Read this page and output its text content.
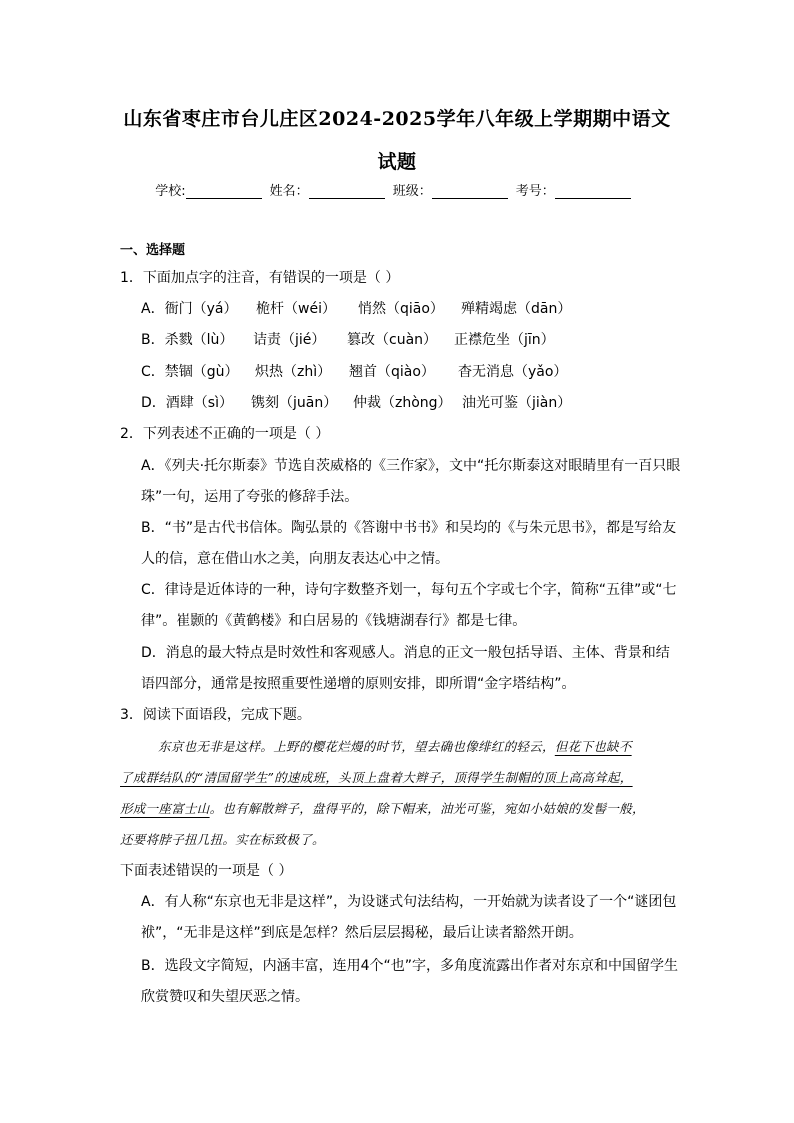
山东省枣庄市台儿庄区2024-2025学年八年级上学期期中语文
试题
学校:	姓名：	班级：	考号：
一、选择题
1．下面加点字的注音，有错误的一项是（ ）
A．衙门（yá） 桅杆（wéi） 悄然（qiāo） 殚精竭虑（dān）
B．杀戮（lù） 诘责（jié） 篡改（cuàn） 正襟危坐（jīn）
C．禁锢（gù） 炽热（zhì） 翘首（qiào） 杳无消息（yǎo）
D．酒肆（sì） 镌刻（juān） 仲裁（zhòng） 油光可鉴（jiàn）
2．下列表述不正确的一项是（ ）
A．《列夫·托尔斯泰》节选自茨威格的《三作家》，文中“托尔斯泰这对眼睛里有一百只眼
珠”一句，运用了夸张的修辞手法。
B．“书”是古代书信体。陶弘景的《答谢中书书》和吴均的《与朱元思书》，都是写给友
人的信，意在借山水之美，向朋友表达心中之情。
C．律诗是近体诗的一种，诗句字数整齐划一，每句五个字或七个字，简称“五律”或“七
律”。崔颢的《黄鹤楼》和白居易的《钱塘湖春行》都是七律。
D．消息的最大特点是时效性和客观感人。消息的正文一般包括导语、主体、背景和结
语四部分，通常是按照重要性递增的原则安排，即所谓“金字塔结构”。
3．阅读下面语段，完成下题。
东京也无非是这样。上野的樱花烂熳的时节，望去确也像绯红的轻云，但花下也缺不
了成群结队的“清国留学生”的速成班，头顶上盘着大辫子，顶得学生制帽的顶上高高耸起，
形成一座富士山。也有解散辫子，盘得平的，除下帽来，油光可鉴，宛如小姑娘的发髻一般，
还要将脖子扭几扭。实在标致极了。
下面表述错误的一项是（ ）
A．有人称“东京也无非是这样”，为设谜式句法结构，一开始就为读者设了一个“谜团包
袱”，“无非是这样”到底是怎样？然后层层揭秘，最后让读者豁然开朗。
B．选段文字简短，内涵丰富，连用4个“也”字，多角度流露出作者对东京和中国留学生
欣赏赞叹和失望厌恶之情。
